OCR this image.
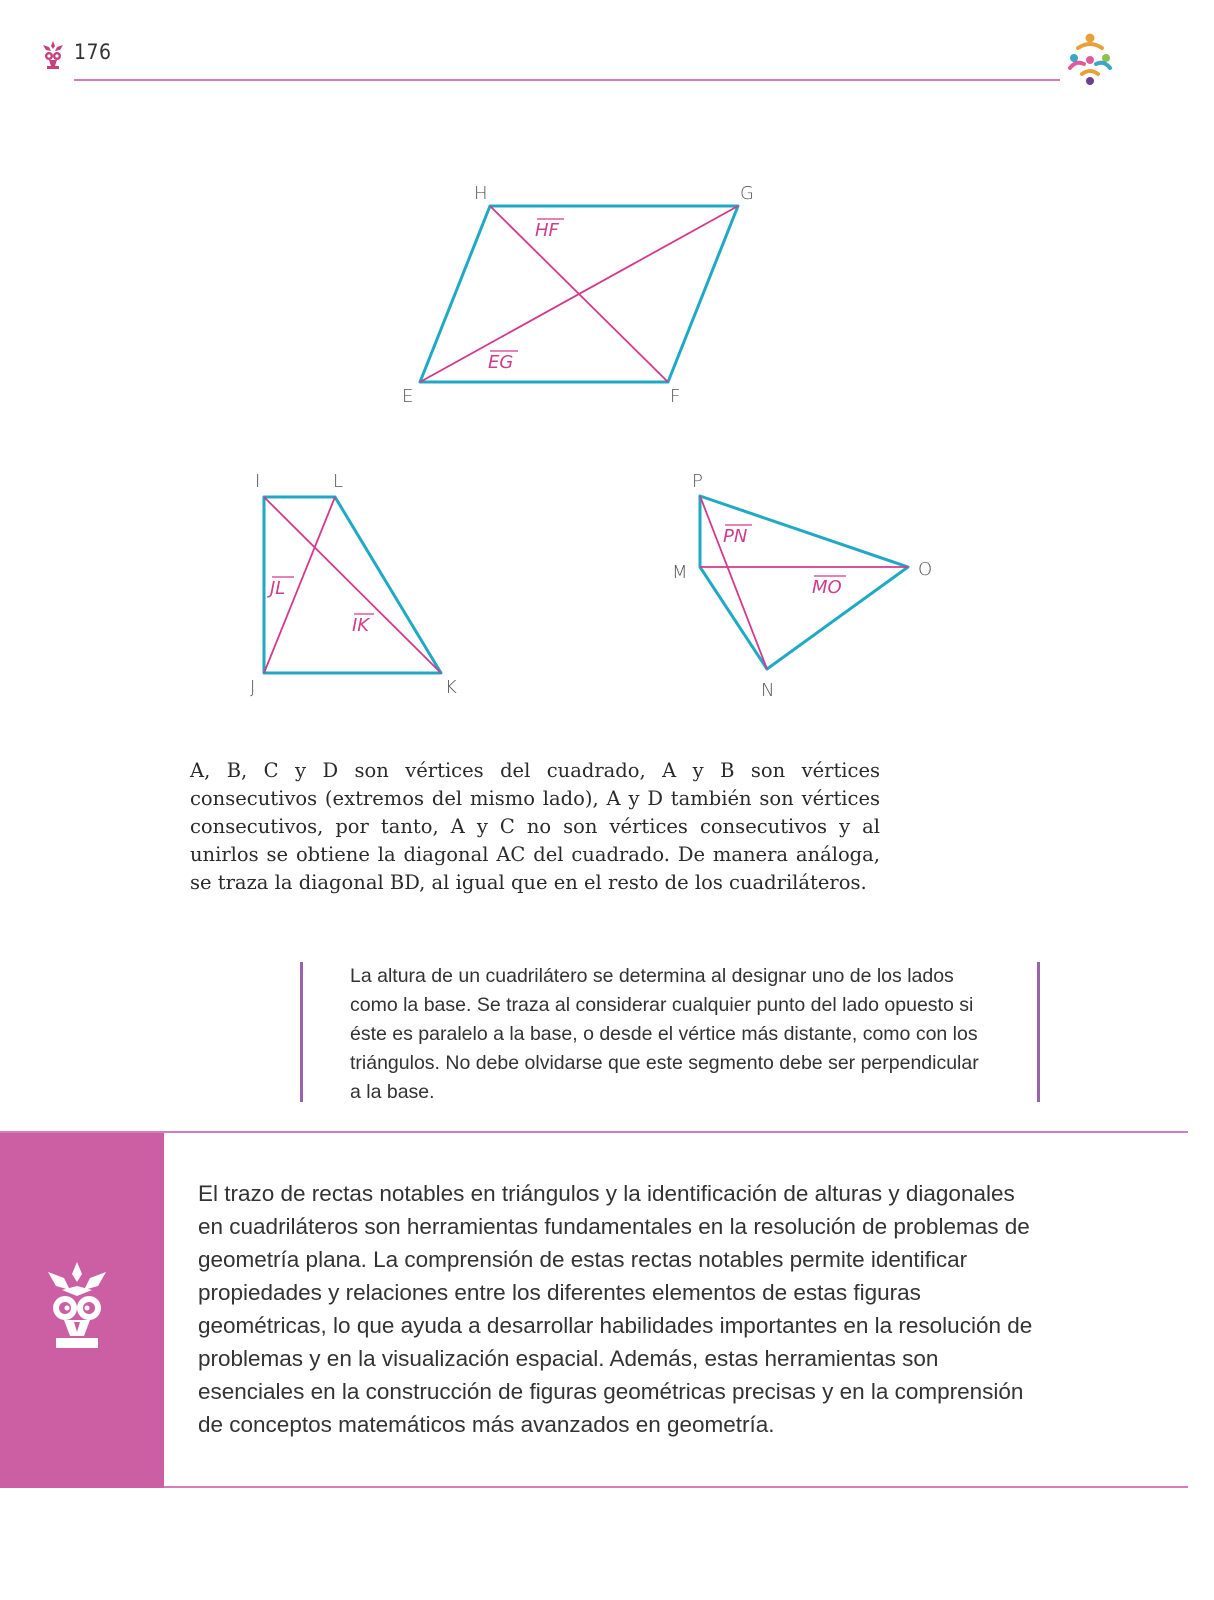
176
H	G
E	F
HF
EG
I	L
J	K
JL
IK
P
M	O
N
PN
MO

A, B, C y D son vértices del cuadrado, A y B son vértices consecutivos (extremos del mismo lado), A y D también son vértices consecutivos, por tanto, A y C no son vértices consecutivos y al unirlos se obtiene la diagonal AC del cuadrado. De manera análoga, se traza la diagonal BD, al igual que en el resto de los cuadriláteros.

La altura de un cuadrilátero se determina al designar uno de los lados como la base. Se traza al considerar cualquier punto del lado opuesto si éste es paralelo a la base, o desde el vértice más distante, como con los triángulos. No debe olvidarse que este segmento debe ser perpendicular a la base.

El trazo de rectas notables en triángulos y la identificación de alturas y diagonales en cuadriláteros son herramientas fundamentales en la resolución de problemas de geometría plana. La comprensión de estas rectas notables permite identificar propiedades y relaciones entre los diferentes elementos de estas figuras geométricas, lo que ayuda a desarrollar habilidades importantes en la resolución de problemas y en la visualización espacial. Además, estas herramientas son esenciales en la construcción de figuras geométricas precisas y en la comprensión de conceptos matemáticos más avanzados en geometría.
